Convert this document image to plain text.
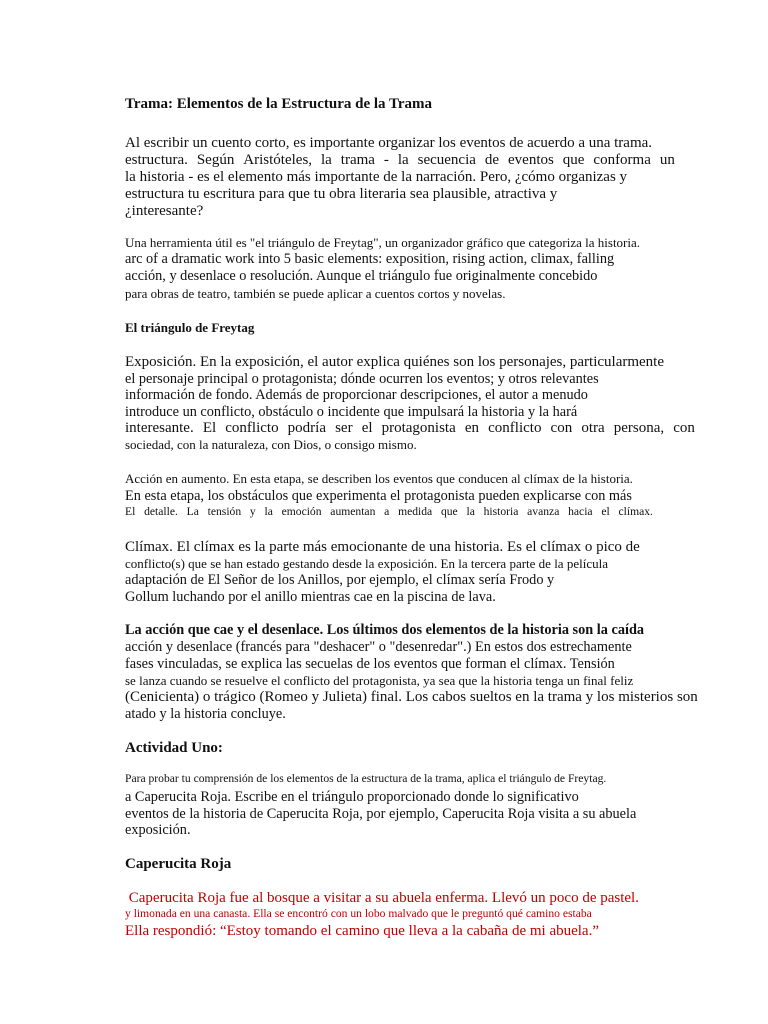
Trama: Elementos de la Estructura de la Trama
Al escribir un cuento corto, es importante organizar los eventos de acuerdo a una trama.
estructura. Según Aristóteles, la trama - la secuencia de eventos que conforma un
la historia - es el elemento más importante de la narración. Pero, ¿cómo organizas y
estructura tu escritura para que tu obra literaria sea plausible, atractiva y
¿interesante?
Una herramienta útil es "el triángulo de Freytag", un organizador gráfico que categoriza la historia.
arc of a dramatic work into 5 basic elements: exposition, rising action, climax, falling
acción, y desenlace o resolución. Aunque el triángulo fue originalmente concebido
para obras de teatro, también se puede aplicar a cuentos cortos y novelas.
El triángulo de Freytag
Exposición. En la exposición, el autor explica quiénes son los personajes, particularmente
el personaje principal o protagonista; dónde ocurren los eventos; y otros relevantes
información de fondo. Además de proporcionar descripciones, el autor a menudo
introduce un conflicto, obstáculo o incidente que impulsará la historia y la hará
interesante. El conflicto podría ser el protagonista en conflicto con otra persona, con
sociedad, con la naturaleza, con Dios, o consigo mismo.
Acción en aumento. En esta etapa, se describen los eventos que conducen al clímax de la historia.
En esta etapa, los obstáculos que experimenta el protagonista pueden explicarse con más
El detalle. La tensión y la emoción aumentan a medida que la historia avanza hacia el clímax.
Clímax. El clímax es la parte más emocionante de una historia. Es el clímax o pico de
conflicto(s) que se han estado gestando desde la exposición. En la tercera parte de la película
adaptación de El Señor de los Anillos, por ejemplo, el clímax sería Frodo y
Gollum luchando por el anillo mientras cae en la piscina de lava.
La acción que cae y el desenlace. Los últimos dos elementos de la historia son la caída
acción y desenlace (francés para "deshacer" o "desenredar".) En estos dos estrechamente
fases vinculadas, se explica las secuelas de los eventos que forman el clímax. Tensión
se lanza cuando se resuelve el conflicto del protagonista, ya sea que la historia tenga un final feliz
(Cenicienta) o trágico (Romeo y Julieta) final. Los cabos sueltos en la trama y los misterios son
atado y la historia concluye.
Actividad Uno:
Para probar tu comprensión de los elementos de la estructura de la trama, aplica el triángulo de Freytag.
a Caperucita Roja. Escribe en el triángulo proporcionado donde lo significativo
eventos de la historia de Caperucita Roja, por ejemplo, Caperucita Roja visita a su abuela
exposición.
Caperucita Roja
Caperucita Roja fue al bosque a visitar a su abuela enferma. Llevó un poco de pastel.
y limonada en una canasta. Ella se encontró con un lobo malvado que le preguntó qué camino estaba
Ella respondió: “Estoy tomando el camino que lleva a la cabaña de mi abuela.”
